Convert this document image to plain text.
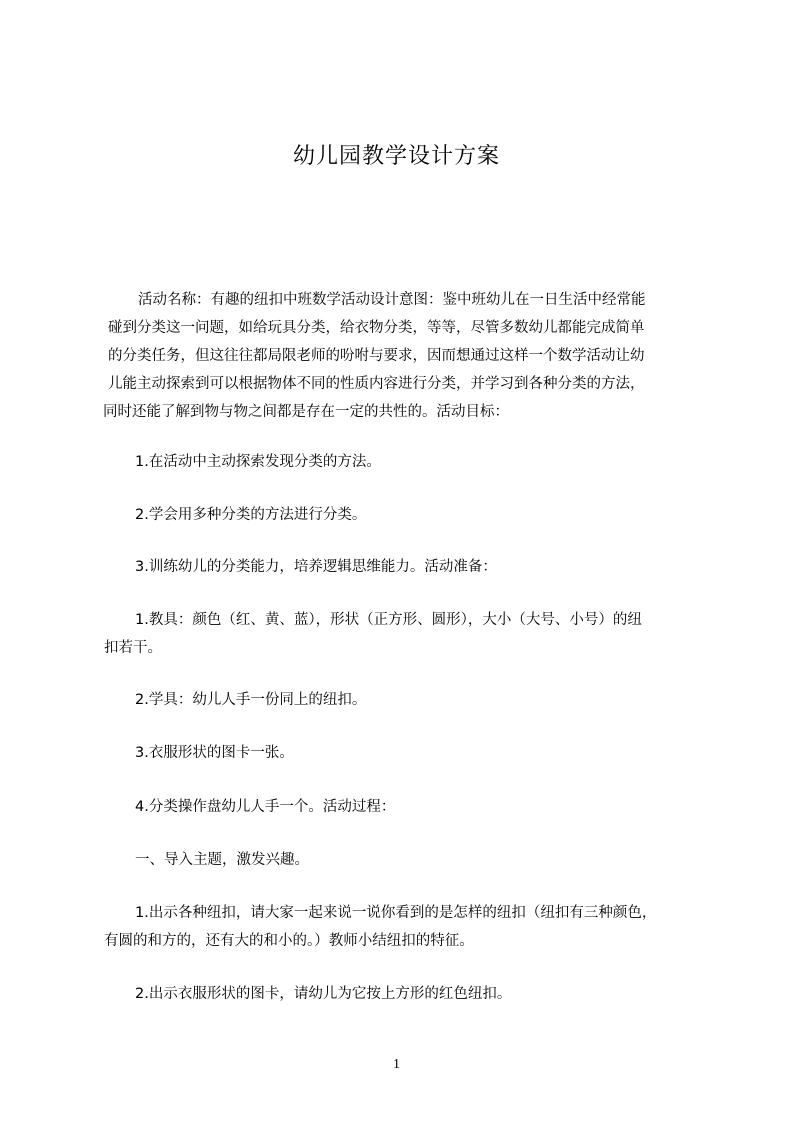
幼儿园教学设计方案
活动名称：有趣的纽扣中班数学活动设计意图：鉴中班幼儿在一日生活中经常能
碰到分类这一问题，如给玩具分类，给衣物分类，等等，尽管多数幼儿都能完成简单
的分类任务，但这往往都局限老师的吩咐与要求，因而想通过这样一个数学活动让幼
儿能主动探索到可以根据物体不同的性质内容进行分类，并学习到各种分类的方法，
同时还能了解到物与物之间都是存在一定的共性的。活动目标：
1.在活动中主动探索发现分类的方法。
2.学会用多种分类的方法进行分类。
3.训练幼儿的分类能力，培养逻辑思维能力。活动准备：
1.教具：颜色（红、黄、蓝），形状（正方形、圆形），大小（大号、小号）的纽
扣若干。
2.学具：幼儿人手一份同上的纽扣。
3.衣服形状的图卡一张。
4.分类操作盘幼儿人手一个。活动过程：
一、导入主题，激发兴趣。
1.出示各种纽扣，请大家一起来说一说你看到的是怎样的纽扣（纽扣有三种颜色，
有圆的和方的，还有大的和小的。）教师小结纽扣的特征。
2.出示衣服形状的图卡，请幼儿为它按上方形的红色纽扣。
1
